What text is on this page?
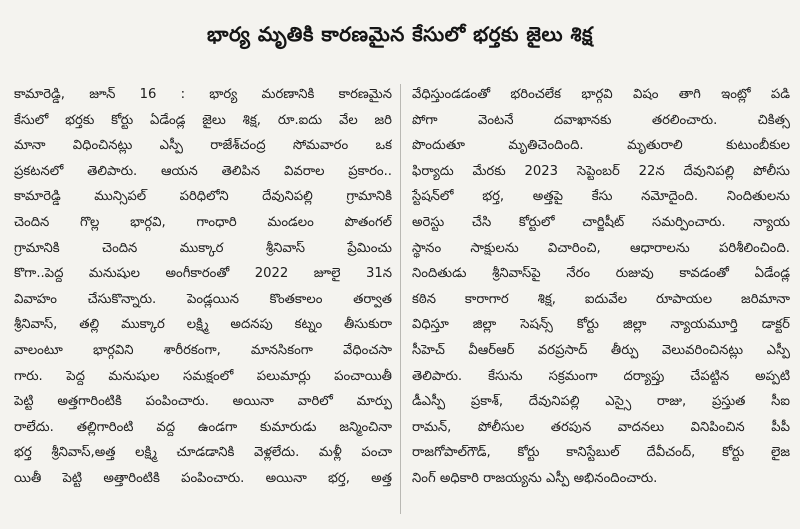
భార్య మృతికి కారణమైన కేసులో భర్తకు జైలు శిక్ష
కామారెడ్డి, జూన్ 16 : భార్య మరణానికి కారణమైన
కేసులో భర్తకు కోర్టు ఏడేండ్ల జైలు శిక్ష, రూ.ఐదు వేల జరి
మానా విధించినట్లు ఎస్పీ రాజేశ్‌చంద్ర సోమవారం ఒక
ప్రకటనలో తెలిపారు. ఆయన తెలిపిన వివరాల ప్రకారం..
కామారెడ్డి మున్సిపల్ పరిధిలోని దేవునిపల్లి గ్రామానికి
చెందిన గొల్ల భార్గవి, గాంధారి మండలం పొతంగల్
గ్రామానికి చెందిన ముక్కార శ్రీనివాస్ ప్రేమించు
కొగా..పెద్ద మనుషుల అంగీకారంతో 2022 జూలై 31న
వివాహం చేసుకొన్నారు. పెండ్లయిన కొంతకాలం తర్వాత
శ్రీనివాస్, తల్లి ముక్కార లక్ష్మి అదనపు కట్నం తీసుకురా
వాలంటూ భార్గవిని శారీరకంగా, మానసికంగా వేధించసా
గారు. పెద్ద మనుషుల సమక్షంలో పలుమార్లు పంచాయితీ
పెట్టి అత్తగారింటికి పంపించారు. అయినా వారిలో మార్పు
రాలేదు. తల్లిగారింటి వద్ద ఉండగా కుమారుడు జన్మించినా
భర్త శ్రీనివాస్,అత్త లక్ష్మి చూడడానికి వెళ్లలేదు. మళ్లీ పంచా
యితీ పెట్టి అత్తారింటికి పంపించారు. అయినా భర్త, అత్త
వేధిస్తుండడంతో భరించలేక భార్గవి విషం తాగి ఇంట్లో పడి
పోగా వెంటనే దవాఖానకు తరలించారు. చికిత్స
పొందుతూ మృతిచెందింది. మృతురాలి కుటుంబీకుల
ఫిర్యాదు మేరకు 2023 సెప్టెంబర్ 22న దేవునిపల్లి పోలీసు
స్టేషన్‌లో భర్త, అత్తపై కేసు నమోదైంది. నిందితులను
అరెస్టు చేసి కోర్టులో చార్జిషీట్ సమర్పించారు. న్యాయ
స్థానం సాక్షులను విచారించి, ఆధారాలను పరిశీలించింది.
నిందితుడు శ్రీనివాస్‌పై నేరం రుజువు కావడంతో ఏడేండ్ల
కఠిన కారాగార శిక్ష, ఐదువేల రూపాయల జరిమానా
విధిస్తూ జిల్లా సెషన్స్ కోర్టు జిల్లా న్యాయమూర్తి డాక్టర్
సీహెచ్ వీఆర్ఆర్ వరప్రసాద్ తీర్పు వెలువరించినట్లు ఎస్పీ
తెలిపారు. కేసును సక్రమంగా దర్యాప్తు చేపట్టిన అప్పటి
డీఎస్పీ ప్రకాశ్, దేవునిపల్లి ఎస్సై రాజు, ప్రస్తుత సీఐ
రామన్, పోలీసుల తరపున వాదనలు వినిపించిన పీపీ
రాజగోపాల్‌గౌడ్, కోర్టు కానిస్టేబుల్ దేవీచంద్, కోర్టు లైజ
నింగ్ అధికారి రాజయ్యను ఎస్పీ అభినందించారు.
